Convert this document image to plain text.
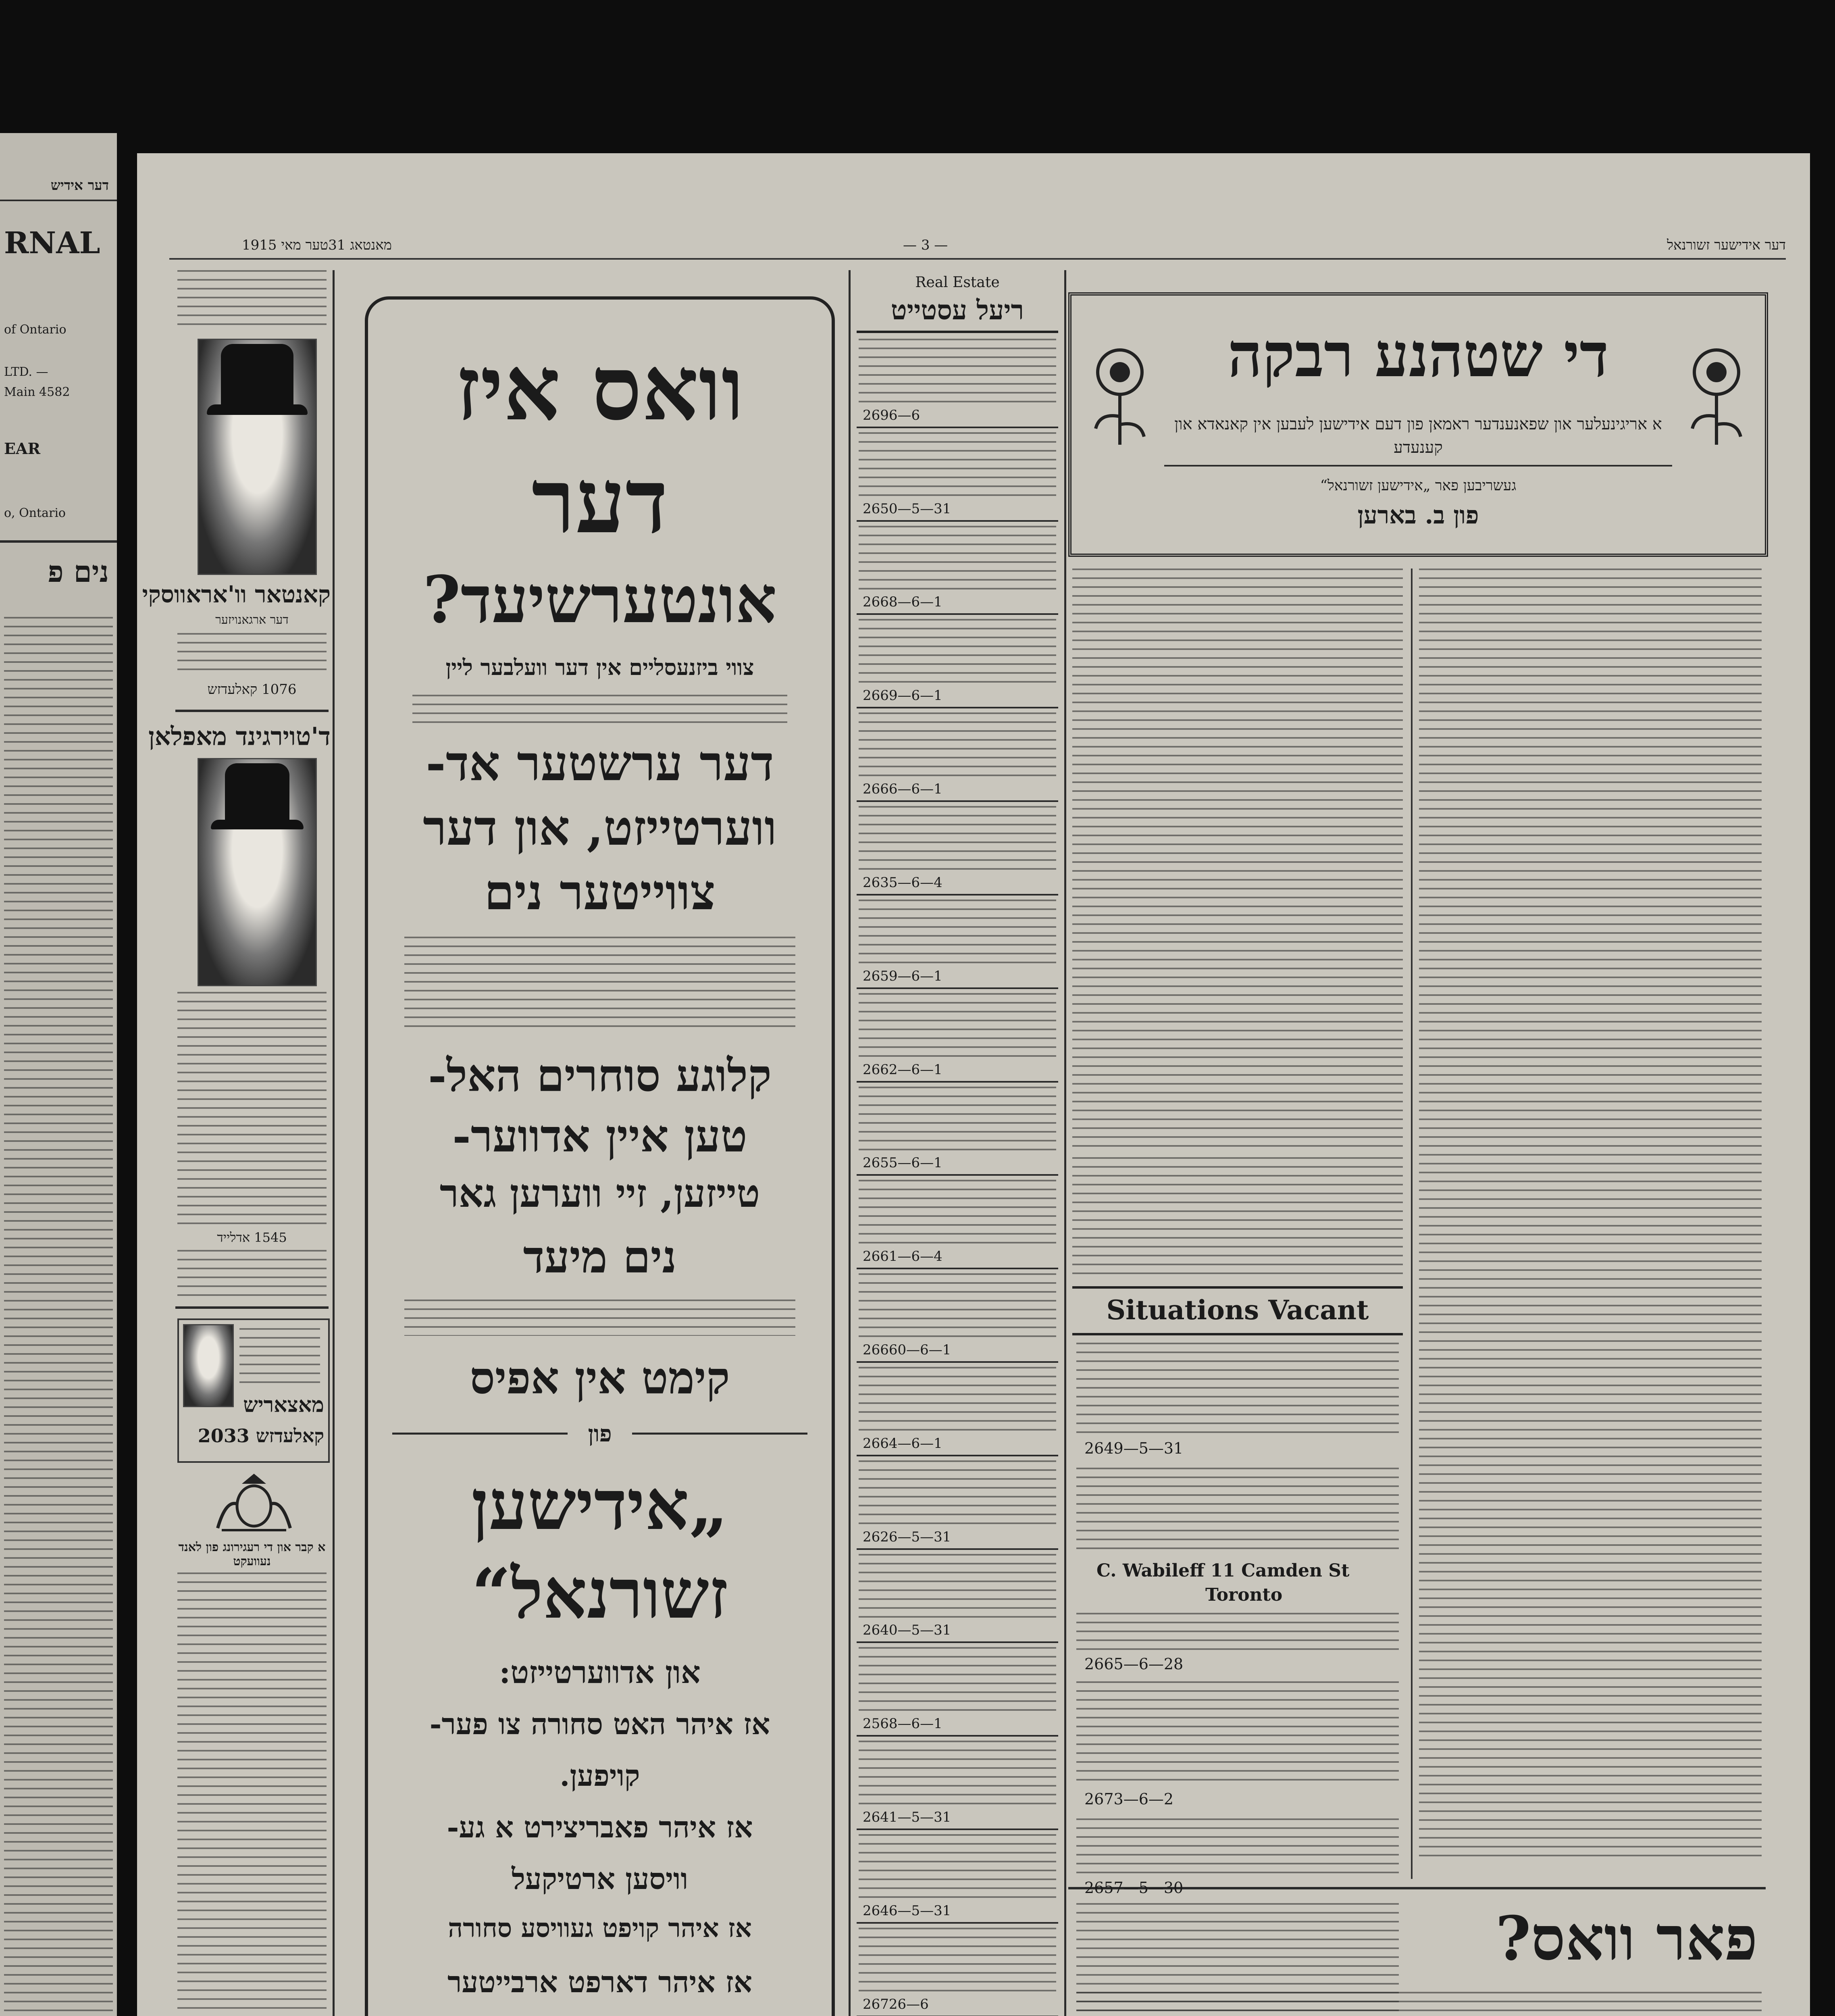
דער אידיש
RNAL
of Ontario
LTD. —
Main 4582
EAR
o, Ontario
נים פ
דער אידישער זשורנאל
— 3 —
מאנטאג 31טער מאי 1915
די שטהנע רבקה
א אריגינעלער און שפאנענדער ראמאן פון דעם אידישען לעבען אין קאנאדא און קענעדע
געשריבען פאר „אידישען זשורנאל“
פון ב. בארען
פאר וואס?
Situations Vacant
2649—5—31
C. Wabileff 11 Camden St
Toronto
2665—6—28
2673—6—2
2657—5—30
Real Estate
ריעל עסטייט
2696—6
2650—5—31
2668—6—1
2669—6—1
2666—6—1
2635—6—4
2659—6—1
2662—6—1
2655—6—1
2661—6—4
26660—6—1
2664—6—1
2626—5—31
2640—5—31
2568—6—1
2641—5—31
2646—5—31
26726—6
וואס איז
דער
אונטערשיעד?
צווי ביזנעסליים אין דער וועלבער ליין
דער ערשטער אד-
ווערטייזט, און דער
צווייטער נים
קלוגע סוחרים האל-
טען איין אדווער-
טייזען, זיי ווערען גאר
נים מיעד
קימט אין אפיס
פון
„אידישען
זשורנאל“
און אדווערטייזט:
אז איהר האט סחורה צו פער-
קויפען.
אז איהר פאבריצירט א גע-
וויסען ארטיקעל
אז איהר קויפט געוויסע סחורה
אז איהר דארפט ארבייטער
קאנטאר וו'אראווסקי
דער ארגאנויזער
1076 קאלעדזש
ד'טוירגינד מאפלאן
1545 אדלייד
מאצאריש
קאלעדזש 2033
א קבר און די רעגירונג פון לאנד נעוועקט
